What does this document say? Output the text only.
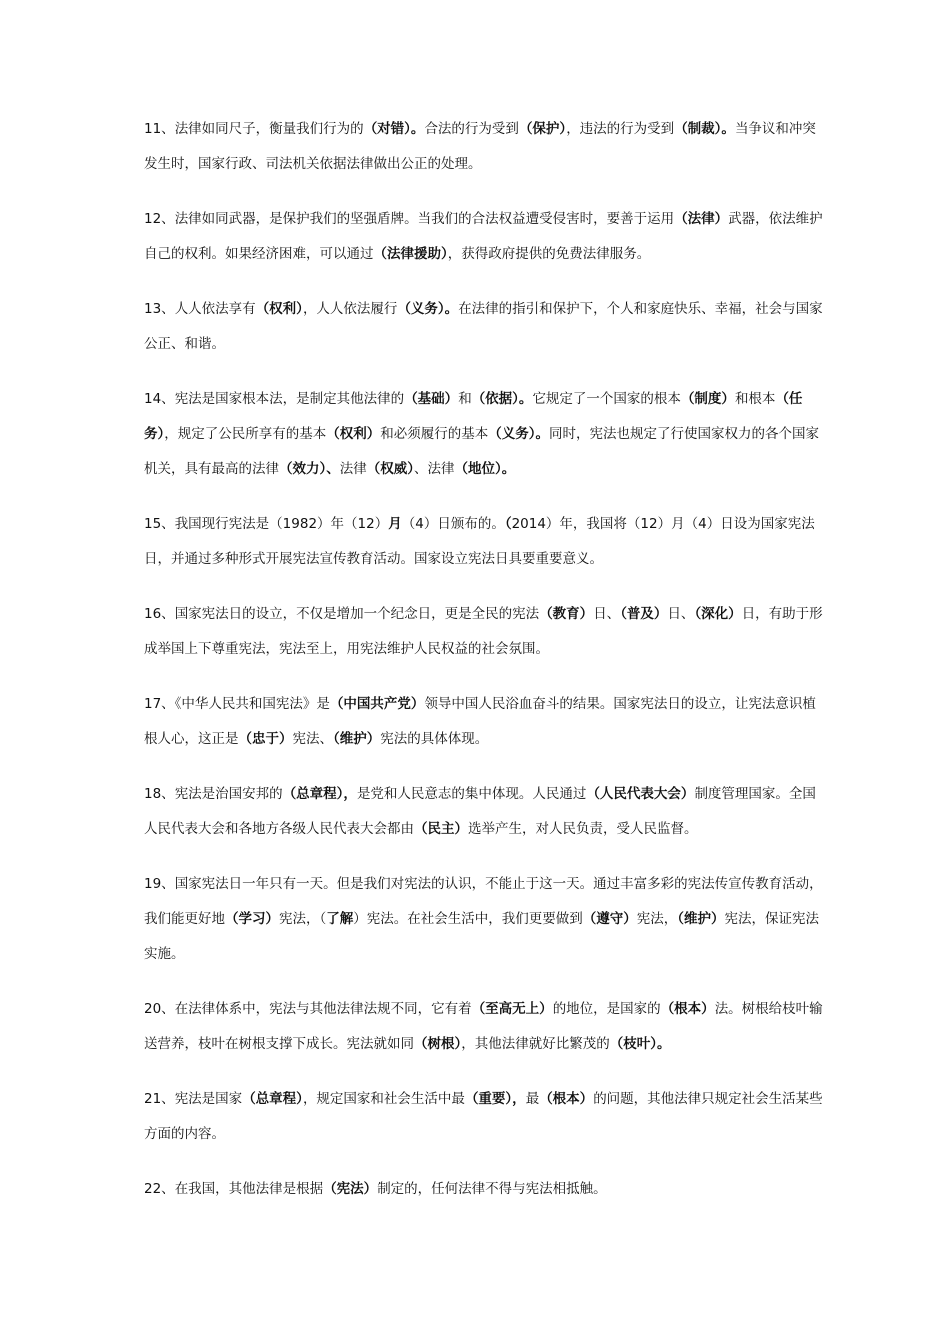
11、法律如同尺子，衡量我们行为的（对错）。合法的行为受到（保护），违法的行为受到（制裁）。当争议和冲突发生时，国家行政、司法机关依据法律做出公正的处理。

12、法律如同武器，是保护我们的坚强盾牌。当我们的合法权益遭受侵害时，要善于运用（法律）武器，依法维护自己的权利。如果经济困难，可以通过（法律援助），获得政府提供的免费法律服务。

13、人人依法享有（权利），人人依法履行（义务）。在法律的指引和保护下，个人和家庭快乐、幸福，社会与国家公正、和谐。

14、宪法是国家根本法，是制定其他法律的（基础）和（依据）。它规定了一个国家的根本（制度）和根本（任务），规定了公民所享有的基本（权利）和必须履行的基本（义务）。同时，宪法也规定了行使国家权力的各个国家机关，具有最高的法律（效力）、法律（权威）、法律（地位）。

15、我国现行宪法是（1982）年（12）月（4）日颁布的。（2014）年，我国将（12）月（4）日设为国家宪法日，并通过多种形式开展宪法宣传教育活动。国家设立宪法日具要重要意义。

16、国家宪法日的设立，不仅是增加一个纪念日，更是全民的宪法（教育）日、（普及）日、（深化）日，有助于形成举国上下尊重宪法，宪法至上，用宪法维护人民权益的社会氛围。

17、《中华人民共和国宪法》是（中国共产党）领导中国人民浴血奋斗的结果。国家宪法日的设立，让宪法意识植根人心，这正是（忠于）宪法、（维护）宪法的具体体现。

18、宪法是治国安邦的（总章程），是党和人民意志的集中体现。人民通过（人民代表大会）制度管理国家。全国人民代表大会和各地方各级人民代表大会都由（民主）选举产生，对人民负责，受人民监督。

19、国家宪法日一年只有一天。但是我们对宪法的认识，不能止于这一天。通过丰富多彩的宪法传宣传教育活动，我们能更好地（学习）宪法，（了解）宪法。在社会生活中，我们更要做到（遵守）宪法，（维护）宪法，保证宪法实施。

20、在法律体系中，宪法与其他法律法规不同，它有着（至高无上）的地位，是国家的（根本）法。树根给枝叶输送营养，枝叶在树根支撑下成长。宪法就如同（树根），其他法律就好比繁茂的（枝叶）。

21、宪法是国家（总章程），规定国家和社会生活中最（重要），最（根本）的问题，其他法律只规定社会生活某些方面的内容。

22、在我国，其他法律是根据（宪法）制定的，任何法律不得与宪法相抵触。
